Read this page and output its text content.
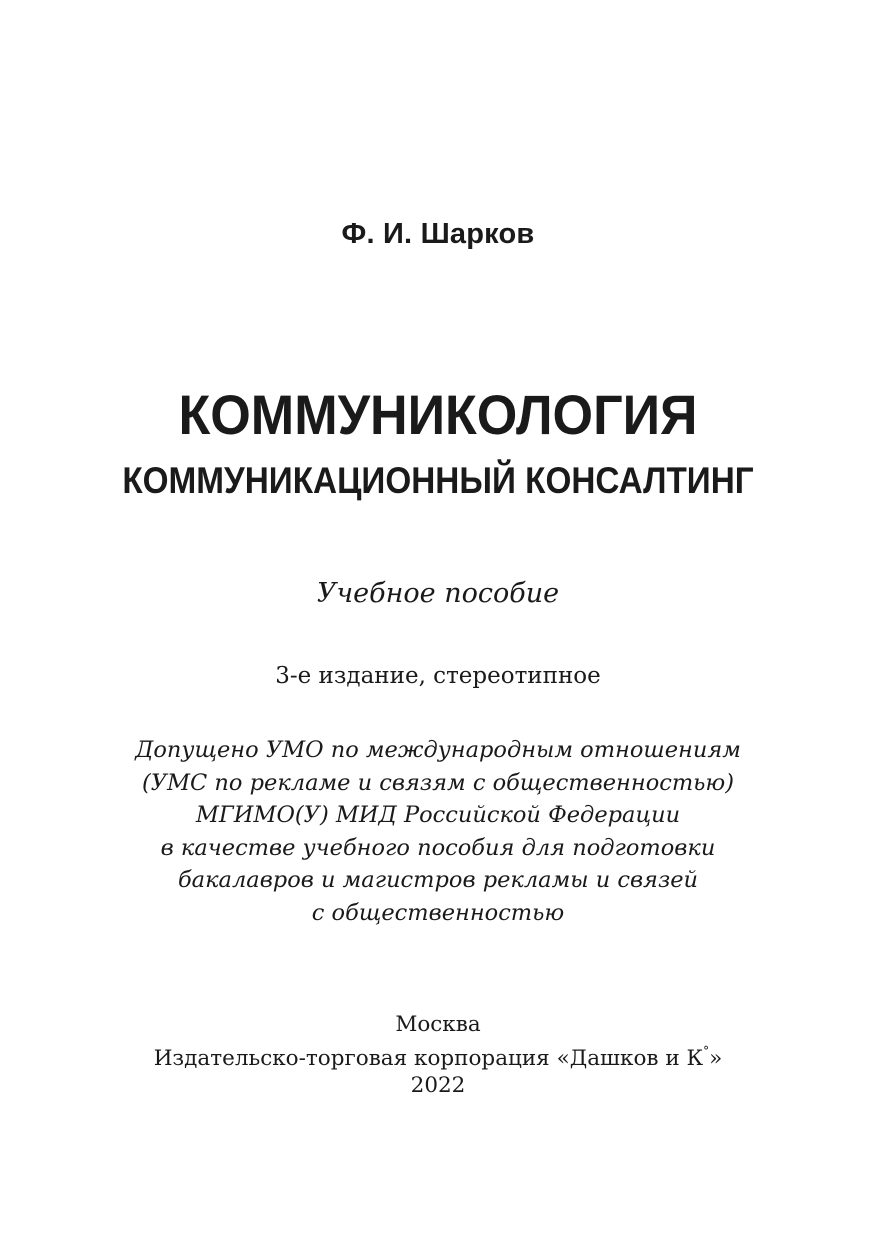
Ф. И. Шарков
КОММУНИКОЛОГИЯ
КОММУНИКАЦИОННЫЙ КОНСАЛТИНГ
Учебное пособие
3-е издание, стереотипное
Допущено УМО по международным отношениям
(УМС по рекламе и связям с общественностью)
МГИМО(У) МИД Российской Федерации
в качестве учебного пособия для подготовки
бакалавров и магистров рекламы и связей
с общественностью
Москва
Издательско-торговая корпорация «Дашков и К°»
2022
